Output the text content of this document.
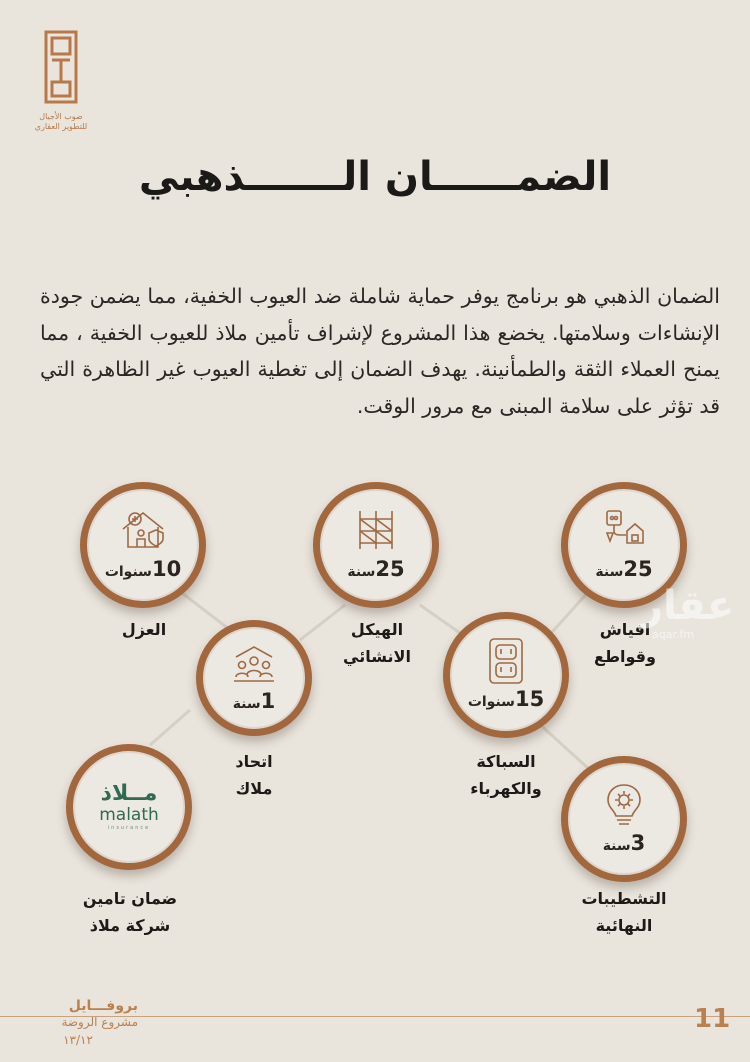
صوب الأجيال للتطوير العقاري
الضمــــــان الـــــــذهبي

الضمان الذهبي هو برنامج يوفر حماية شاملة ضد العيوب الخفية، مما يضمن جودة الإنشاءات وسلامتها. يخضع هذا المشروع لإشراف تأمين ملاذ للعيوب الخفية ، مما يمنح العملاء الثقة والطمأنينة. يهدف الضمان إلى تغطية العيوب غير الظاهرة التي قد تؤثر على سلامة المبنى مع مرور الوقت.

10سنوات	25سنة	25سنة
1سنة	15سنوات
3سنة
مــلاذ
malath
insurance
العزل	الهيكل
الانشائي
افياش
وقواطع
اتحاد
ملاك
السباكة
والكهرباء
التشطيبات
النهائية
ضمان تامين
شركة ملاذ
عقار
aqar.fm
بروفـــايل
مشروع الروضة
١٣/١٢
11
